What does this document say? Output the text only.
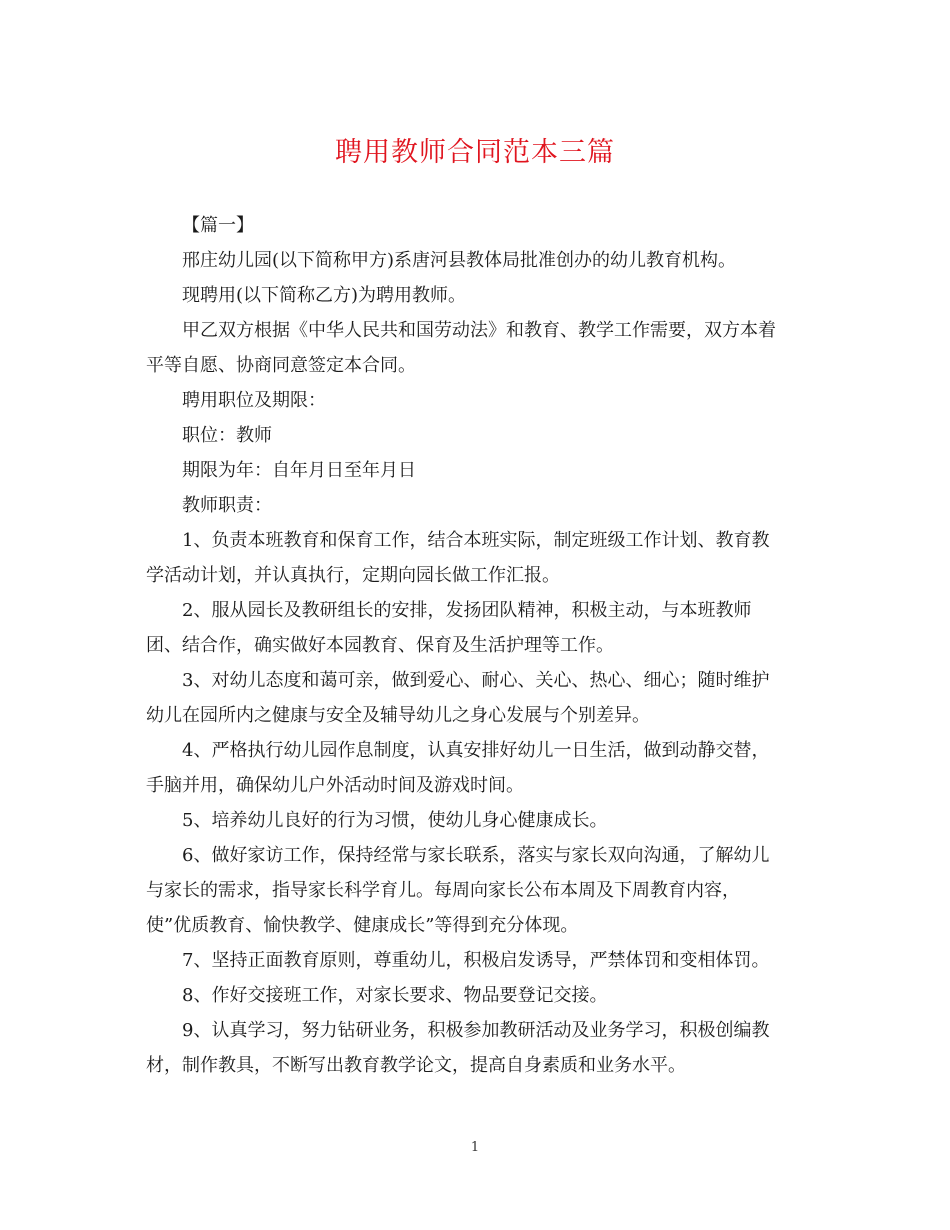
聘用教师合同范本三篇

【篇一】

邢庄幼儿园(以下简称甲方)系唐河县教体局批准创办的幼儿教育机构。

现聘用(以下简称乙方)为聘用教师。

甲乙双方根据《中华人民共和国劳动法》和教育、教学工作需要，双方本着
平等自愿、协商同意签定本合同。

聘用职位及期限：

职位：教师

期限为年：自年月日至年月日

教师职责：

1、负责本班教育和保育工作，结合本班实际，制定班级工作计划、教育教
学活动计划，并认真执行，定期向园长做工作汇报。

2、服从园长及教研组长的安排，发扬团队精神，积极主动，与本班教师
团、结合作，确实做好本园教育、保育及生活护理等工作。

3、对幼儿态度和蔼可亲，做到爱心、耐心、关心、热心、细心；随时维护
幼儿在园所内之健康与安全及辅导幼儿之身心发展与个别差异。

4、严格执行幼儿园作息制度，认真安排好幼儿一日生活，做到动静交替，
手脑并用，确保幼儿户外活动时间及游戏时间。

5、培养幼儿良好的行为习惯，使幼儿身心健康成长。

6、做好家访工作，保持经常与家长联系，落实与家长双向沟通，了解幼儿
与家长的需求，指导家长科学育儿。每周向家长公布本周及下周教育内容，
使”优质教育、愉快教学、健康成长”等得到充分体现。

7、坚持正面教育原则，尊重幼儿，积极启发诱导，严禁体罚和变相体罚。

8、作好交接班工作，对家长要求、物品要登记交接。

9、认真学习，努力钻研业务，积极参加教研活动及业务学习，积极创编教
材，制作教具，不断写出教育教学论文，提高自身素质和业务水平。

1
